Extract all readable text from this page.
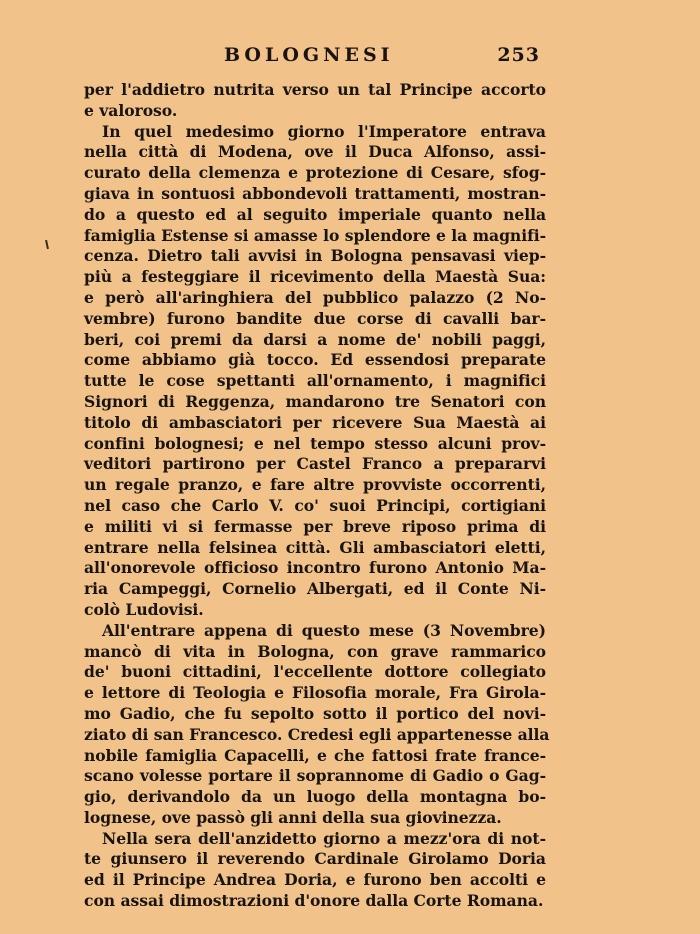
BOLOGNESI	253
per l'addietro nutrita verso un tal Principe accorto
e valoroso.
In quel medesimo giorno l'Imperatore entrava
nella città di Modena, ove il Duca Alfonso, assi-
curato della clemenza e protezione di Cesare, sfog-
giava in sontuosi abbondevoli trattamenti, mostran-
do a questo ed al seguito imperiale quanto nella
famiglia Estense si amasse lo splendore e la magnifi-
cenza. Dietro tali avvisi in Bologna pensavasi viep-
più a festeggiare il ricevimento della Maestà Sua:
e però all'aringhiera del pubblico palazzo (2 No-
vembre) furono bandite due corse di cavalli bar-
beri, coi premi da darsi a nome de' nobili paggi,
come abbiamo già tocco. Ed essendosi preparate
tutte le cose spettanti all'ornamento, i magnifici
Signori di Reggenza, mandarono tre Senatori con
titolo di ambasciatori per ricevere Sua Maestà ai
confini bolognesi; e nel tempo stesso alcuni prov-
veditori partirono per Castel Franco a prepararvi
un regale pranzo, e fare altre provviste occorrenti,
nel caso che Carlo V. co' suoi Principi, cortigiani
e militi vi si fermasse per breve riposo prima di
entrare nella felsinea città. Gli ambasciatori eletti,
all'onorevole officioso incontro furono Antonio Ma-
ria Campeggi, Cornelio Albergati, ed il Conte Ni-
colò Ludovisi.
All'entrare appena di questo mese (3 Novembre)
mancò di vita in Bologna, con grave rammarico
de' buoni cittadini, l'eccellente dottore collegiato
e lettore di Teologia e Filosofia morale, Fra Girola-
mo Gadio, che fu sepolto sotto il portico del novi-
ziato di san Francesco. Credesi egli appartenesse alla
nobile famiglia Capacelli, e che fattosi frate france-
scano volesse portare il soprannome di Gadio o Gag-
gio, derivandolo da un luogo della montagna bo-
lognese, ove passò gli anni della sua giovinezza.
Nella sera dell'anzidetto giorno a mezz'ora di not-
te giunsero il reverendo Cardinale Girolamo Doria
ed il Principe Andrea Doria, e furono ben accolti e
con assai dimostrazioni d'onore dalla Corte Romana.
